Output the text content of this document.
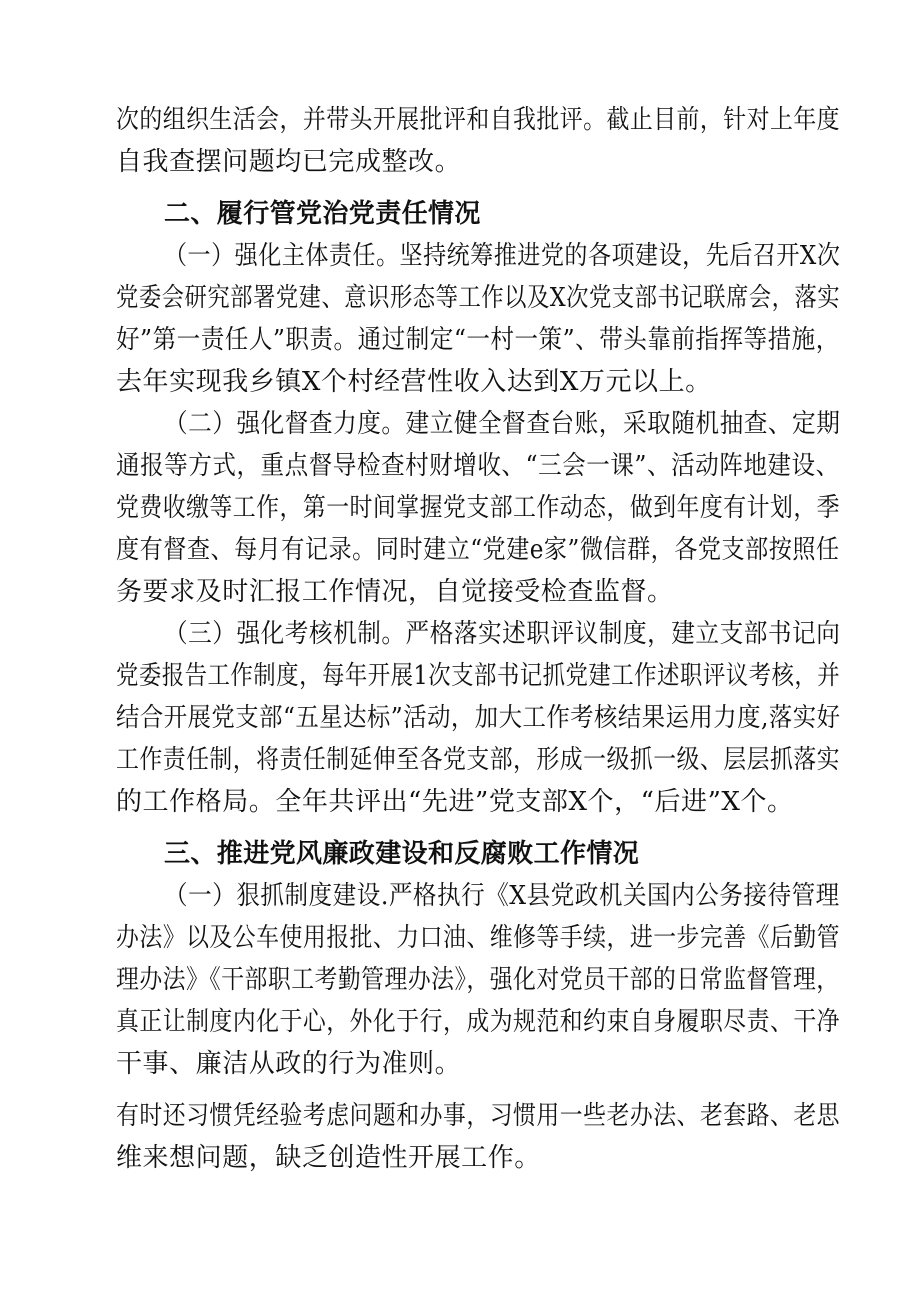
次的组织生活会，并带头开展批评和自我批评。截止目前，针对上年度
自我查摆问题均已完成整改。
二、履行管党治党责任情况
（一）强化主体责任。坚持统筹推进党的各项建设，先后召开X次
党委会研究部署党建、意识形态等工作以及X次党支部书记联席会，落实
好”第一责任人”职责。通过制定“一村一策”、带头靠前指挥等措施，
去年实现我乡镇X个村经营性收入达到X万元以上。
（二）强化督查力度。建立健全督查台账，采取随机抽查、定期
通报等方式，重点督导检查村财增收、“三会一课”、活动阵地建设、
党费收缴等工作，第一时间掌握党支部工作动态，做到年度有计划，季
度有督查、每月有记录。同时建立“党建e家”微信群，各党支部按照任
务要求及时汇报工作情况，自觉接受检查监督。
（三）强化考核机制。严格落实述职评议制度，建立支部书记向
党委报告工作制度，每年开展1次支部书记抓党建工作述职评议考核，并
结合开展党支部“五星达标”活动，加大工作考核结果运用力度,落实好
工作责任制，将责任制延伸至各党支部，形成一级抓一级、层层抓落实
的工作格局。全年共评出“先进”党支部X个，“后进”X个。
三、推进党风廉政建设和反腐败工作情况
（一）狠抓制度建设.严格执行《X县党政机关国内公务接待管理
办法》以及公车使用报批、力口油、维修等手续，进一步完善《后勤管
理办法》《干部职工考勤管理办法》，强化对党员干部的日常监督管理，
真正让制度内化于心，外化于行，成为规范和约束自身履职尽责、干净
干事、廉洁从政的行为准则。
有时还习惯凭经验考虑问题和办事，习惯用一些老办法、老套路、老思
维来想问题，缺乏创造性开展工作。
